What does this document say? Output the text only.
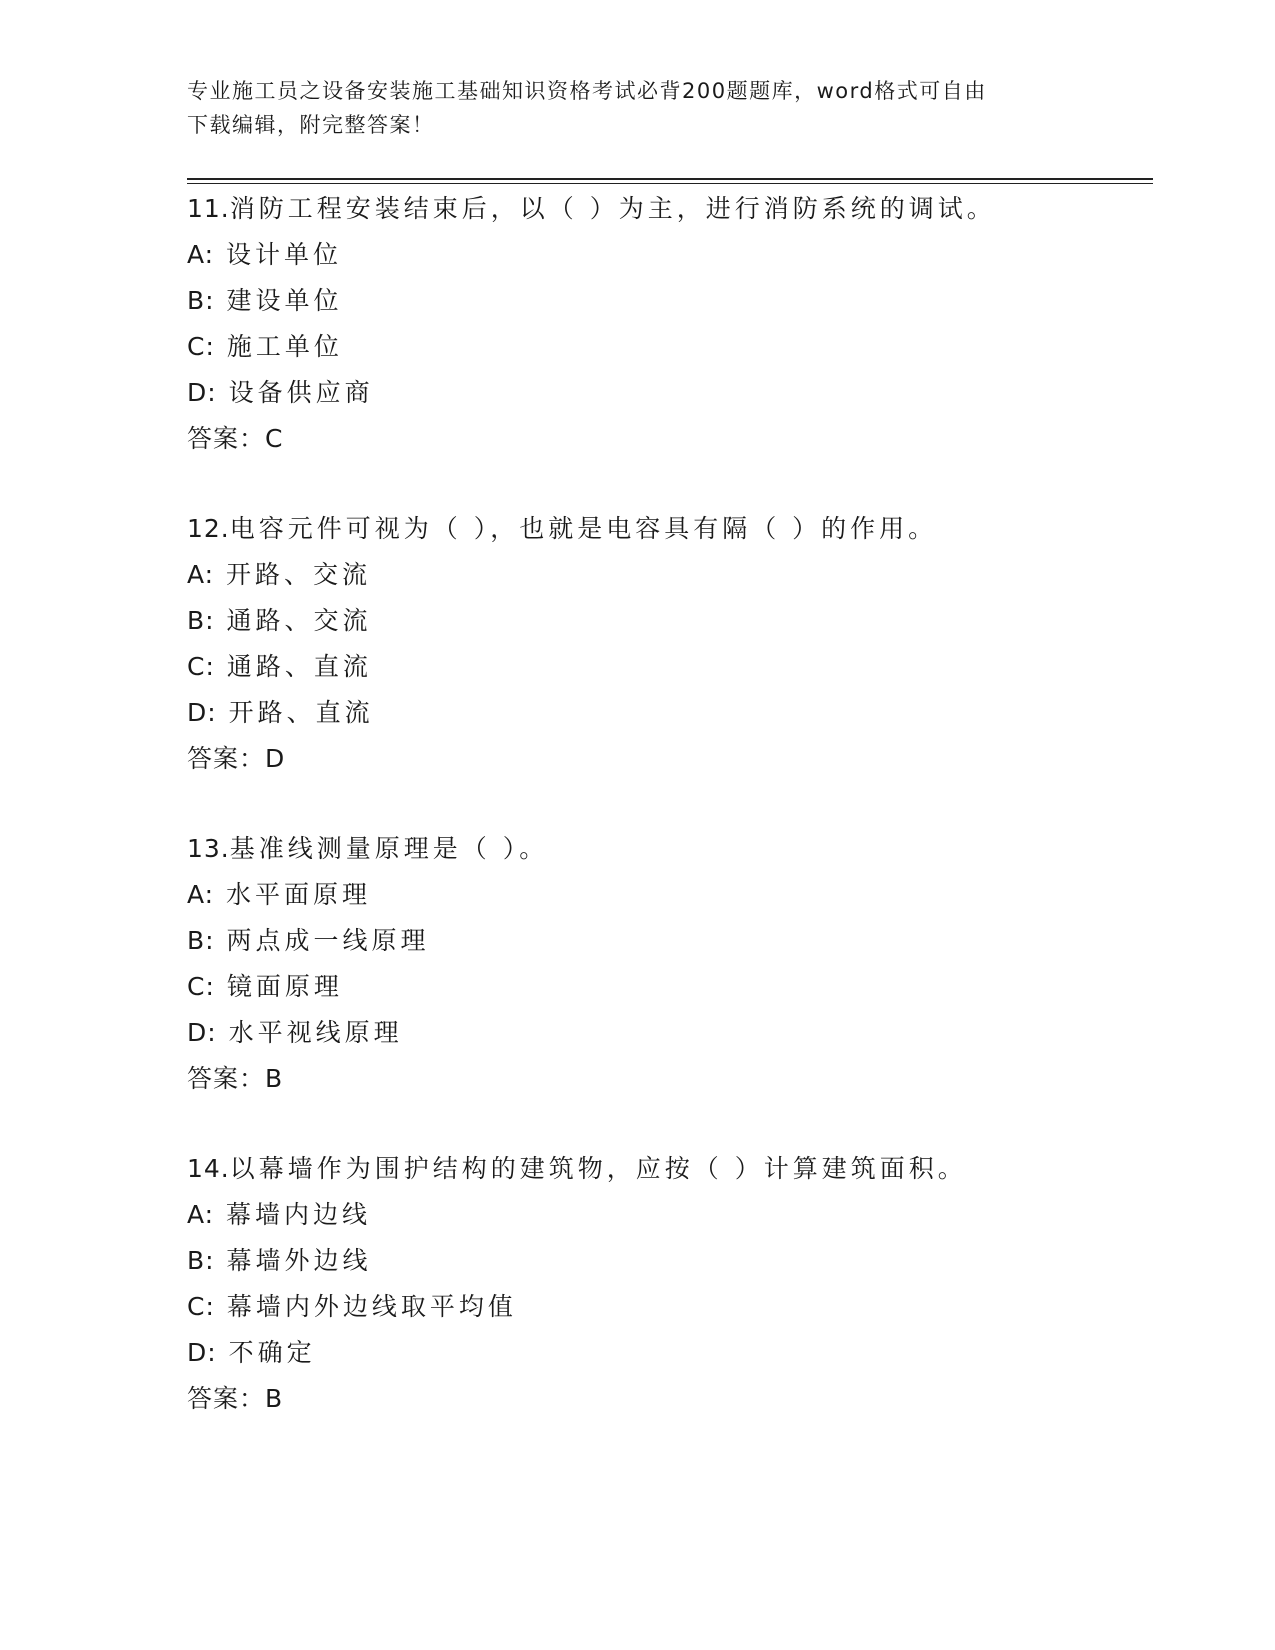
专业施工员之设备安装施工基础知识资格考试必背200题题库，word格式可自由
下载编辑，附完整答案！
11.消防工程安装结束后，以（ ）为主，进行消防系统的调试。
A: 设计单位
B: 建设单位
C: 施工单位
D: 设备供应商
答案：C
12.电容元件可视为（ ），也就是电容具有隔（ ）的作用。
A: 开路、交流
B: 通路、交流
C: 通路、直流
D: 开路、直流
答案：D
13.基准线测量原理是（ ）。
A: 水平面原理
B: 两点成一线原理
C: 镜面原理
D: 水平视线原理
答案：B
14.以幕墙作为围护结构的建筑物，应按（ ）计算建筑面积。
A: 幕墙内边线
B: 幕墙外边线
C: 幕墙内外边线取平均值
D: 不确定
答案：B
